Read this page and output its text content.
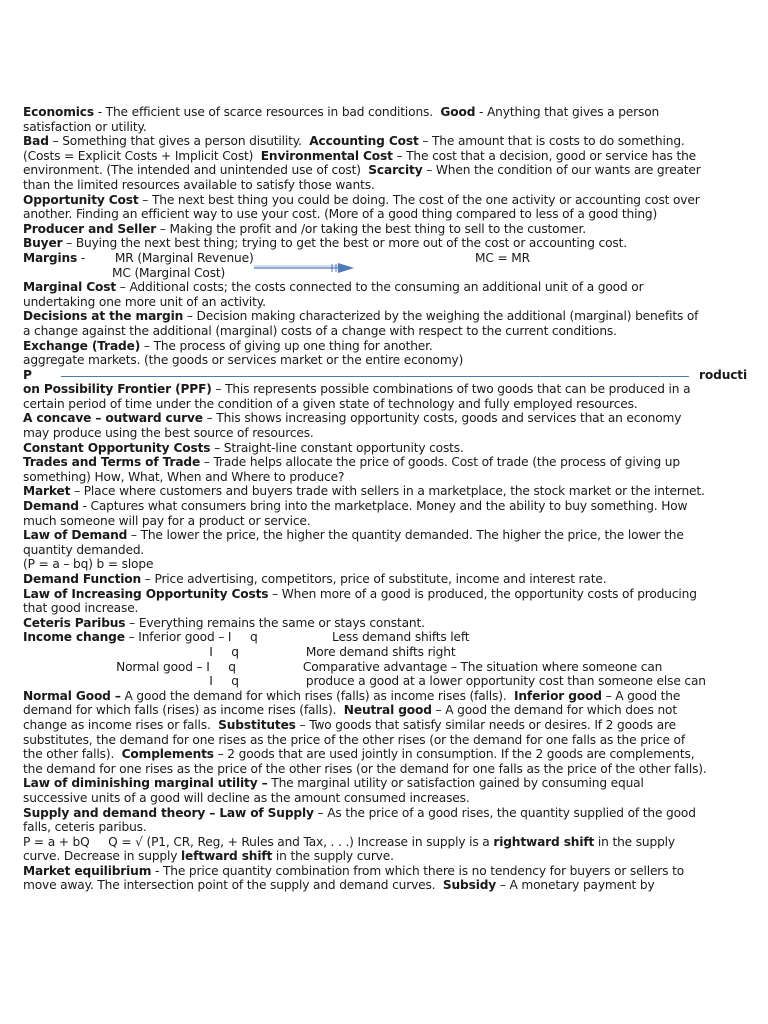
Economics - The efficient use of scarce resources in bad conditions.  Good - Anything that gives a person
satisfaction or utility.
Bad – Something that gives a person disutility.  Accounting Cost – The amount that is costs to do something.
(Costs = Explicit Costs + Implicit Cost)  Environmental Cost – The cost that a decision, good or service has the
environment. (The intended and unintended use of cost)  Scarcity – When the condition of our wants are greater
than the limited resources available to satisfy those wants.
Opportunity Cost – The next best thing you could be doing. The cost of the one activity or accounting cost over
another. Finding an efficient way to use your cost. (More of a good thing compared to less of a good thing)
Producer and Seller – Making the profit and /or taking the best thing to sell to the customer.
Buyer – Buying the next best thing; trying to get the best or more out of the cost or accounting cost.
Margins -        MR (Marginal Revenue)	MC = MR
MC (Marginal Cost)
Marginal Cost – Additional costs; the costs connected to the consuming an additional unit of a good or
undertaking one more unit of an activity.
Decisions at the margin – Decision making characterized by the weighing the additional (marginal) benefits of
a change against the additional (marginal) costs of a change with respect to the current conditions.
Exchange (Trade) – The process of giving up one thing for another.
aggregate markets. (the goods or services market or the entire economy)
P	roducti
on Possibility Frontier (PPF) – This represents possible combinations of two goods that can be produced in a
certain period of time under the condition of a given state of technology and fully employed resources.
A concave – outward curve – This shows increasing opportunity costs, goods and services that an economy
may produce using the best source of resources.
Constant Opportunity Costs – Straight-line constant opportunity costs.
Trades and Terms of Trade – Trade helps allocate the price of goods. Cost of trade (the process of giving up
something) How, What, When and Where to produce?
Market – Place where customers and buyers trade with sellers in a marketplace, the stock market or the internet.
Demand - Captures what consumers bring into the marketplace. Money and the ability to buy something. How
much someone will pay for a product or service.
Law of Demand – The lower the price, the higher the quantity demanded. The higher the price, the lower the
quantity demanded.
(P = a – bq) b = slope
Demand Function – Price advertising, competitors, price of substitute, income and interest rate.
Law of Increasing Opportunity Costs – When more of a good is produced, the opportunity costs of producing
that good increase.
Ceteris Paribus – Everything remains the same or stays constant.
Income change – Inferior good – I     q                    Less demand shifts left
I     q                  More demand shifts right
Normal good – I     q                  Comparative advantage – The situation where someone can
I     q                  produce a good at a lower opportunity cost than someone else can
Normal Good – A good the demand for which rises (falls) as income rises (falls).  Inferior good – A good the
demand for which falls (rises) as income rises (falls).  Neutral good – A good the demand for which does not
change as income rises or falls.  Substitutes – Two goods that satisfy similar needs or desires. If 2 goods are
substitutes, the demand for one rises as the price of the other rises (or the demand for one falls as the price of
the other falls).  Complements – 2 goods that are used jointly in consumption. If the 2 goods are complements,
the demand for one rises as the price of the other rises (or the demand for one falls as the price of the other falls).
Law of diminishing marginal utility – The marginal utility or satisfaction gained by consuming equal
successive units of a good will decline as the amount consumed increases.
Supply and demand theory – Law of Supply – As the price of a good rises, the quantity supplied of the good
falls, ceteris paribus.
P = a + bQ     Q = √ (P1, CR, Reg, + Rules and Tax, . . .) Increase in supply is a rightward shift in the supply
curve. Decrease in supply leftward shift in the supply curve.
Market equilibrium - The price quantity combination from which there is no tendency for buyers or sellers to
move away. The intersection point of the supply and demand curves.  Subsidy – A monetary payment by
